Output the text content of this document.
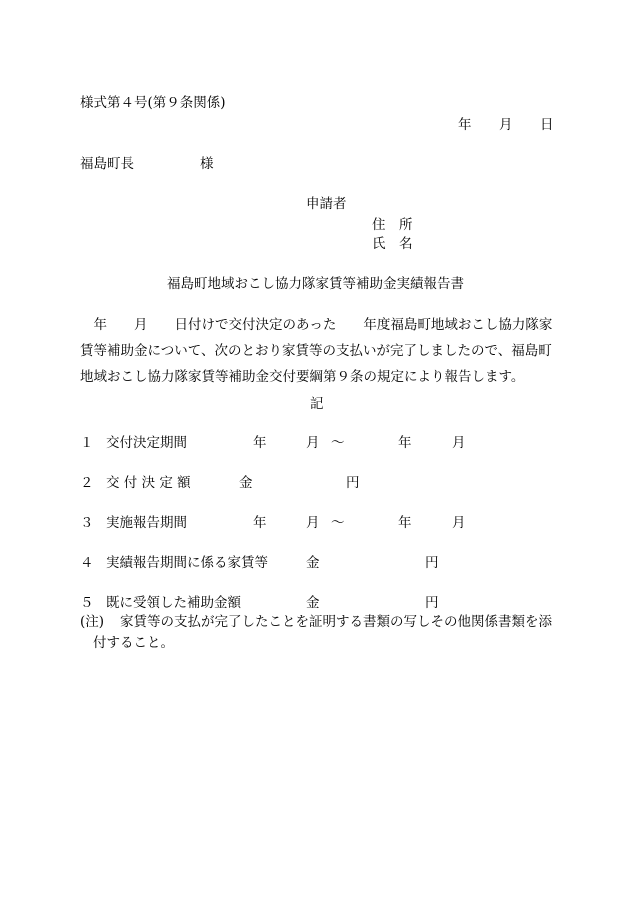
様式第４号(第９条関係)
年 月 日
福島町長	様
申請者
住　所
氏　名
福島町地域おこし協力隊家賃等補助金実績報告書
　年　　月　　日付けで交付決定のあった　　年度福島町地域おこし協力隊家
賃等補助金について、次のとおり家賃等の支払いが完了しましたので、福島町
地域おこし協力隊家賃等補助金交付要綱第９条の規定により報告します。
記
１ 交付決定期間	年	月 ～	年	月
２ 交 付 決 定 額	金	円
３ 実施報告期間	年	月 ～	年	月
４ 実績報告期間に係る家賃等	金	円
５ 既に受領した補助金額	金	円
(注) 家賃等の支払が完了したことを証明する書類の写しその他関係書類を添
付すること。
